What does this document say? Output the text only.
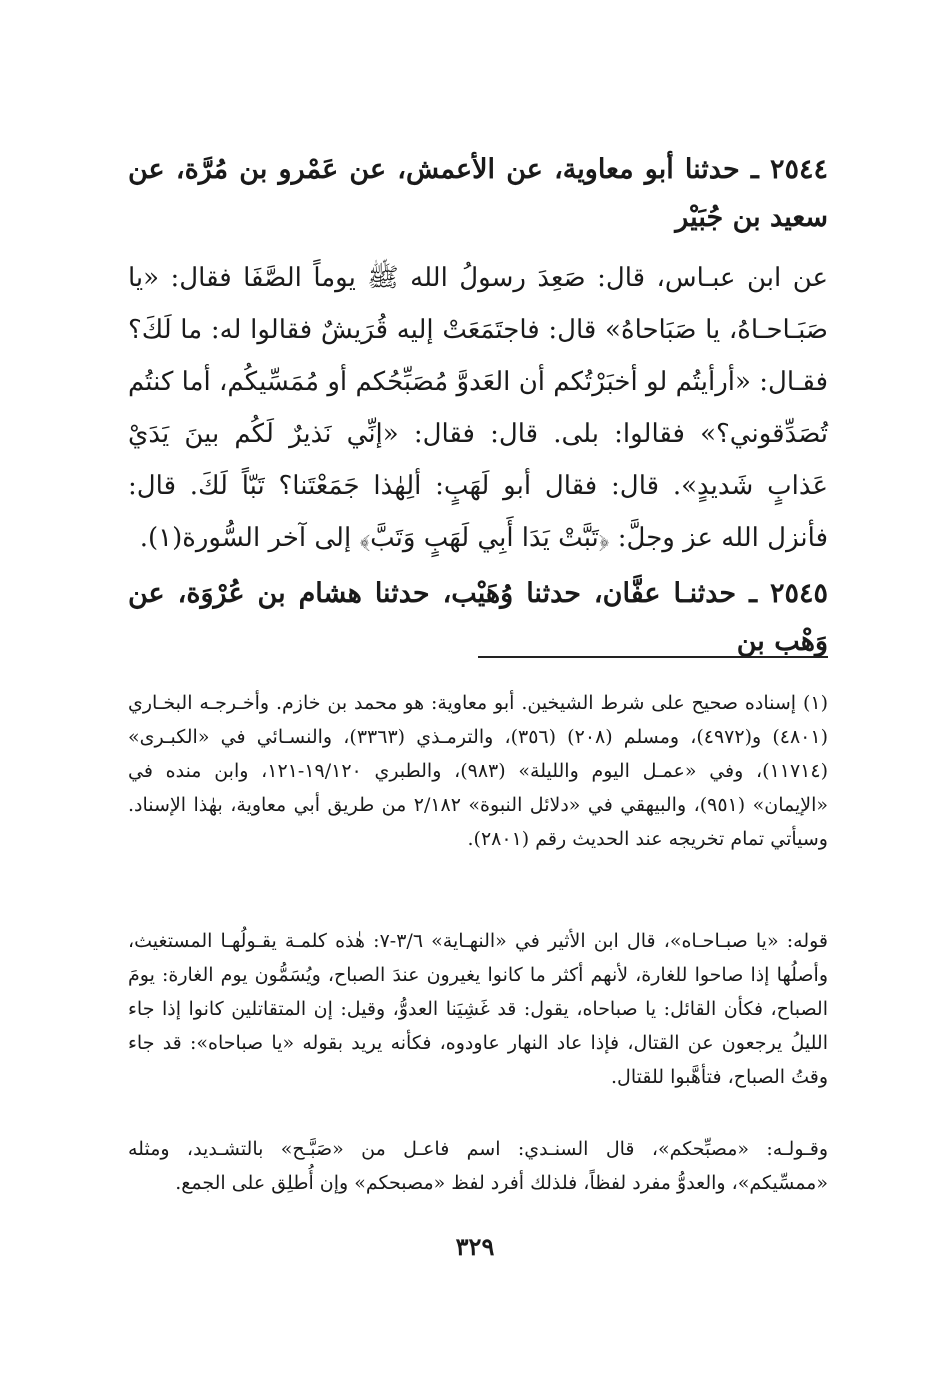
٢٥٤٤ ـ حدثنا أبو معاوية، عن الأعمش، عن عَمْرو بن مُرَّة، عن سعيد بن جُبَيْر

عن ابن عبـاس، قال: صَعِدَ رسولُ الله ﷺ يوماً الصَّفَا فقال: «يا صَبَـاحـاهُ، يا صَبَاحاهُ» قال: فاجتَمَعَتْ إليه قُرَيشٌ فقالوا له: ما لَكَ؟ فقـال: «أرأيتُم لو أخبَرْتُكم أن العَدوَّ مُصَبِّحُكم أو مُمَسِّيكُم، أما كنتُم تُصَدِّقوني؟» فقالوا: بلى. قال: فقال: «إنِّي نَذيرٌ لَكُم بينَ يَدَيْ عَذابٍ شَديدٍ». قال: فقال أبو لَهَبٍ: ألِهٰذا جَمَعْتَنا؟ تَبّاً لَكَ. قال: فأنزل الله عز وجلَّ: ﴿تَبَّتْ يَدَا أَبِي لَهَبٍ وَتَبَّ﴾ إلى آخر السُّورة(١).

٢٥٤٥ ـ حدثنـا عفَّان، حدثنا وُهَيْب، حدثنا هشام بن عُرْوَة، عن وَهْب بن

(١) إسناده صحيح على شرط الشيخين. أبو معاوية: هو محمد بن خازم. وأخـرجـه البخـاري (٤٨٠١) و(٤٩٧٢)، ومسلم (٢٠٨) (٣٥٦)، والترمـذي (٣٣٦٣)، والنسـائي في «الكبـرى» (١١٧١٤)، وفي «عمـل اليوم والليلة» (٩٨٣)، والطبري ١٩/١٢٠-١٢١، وابن منده في «الإيمان» (٩٥١)، والبيهقي في «دلائل النبوة» ٢/١٨٢ من طريق أبي معاوية، بهٰذا الإسناد. وسيأتي تمام تخريجه عند الحديث رقم (٢٨٠١).

قوله: «يا صبـاحـاه»، قال ابن الأثير في «النهـاية» ٣/٦-٧: هٰذه كلمـة يقـولُهـا المستغيث، وأصلُها إذا صاحوا للغارة، لأنهم أكثر ما كانوا يغيرون عندَ الصباح، ويُسَمُّون يوم الغارة: يومَ الصباح، فكأن القائل: يا صباحاه، يقول: قد غَشِيَنا العدوُّ، وقيل: إن المتقاتلين كانوا إذا جاء الليلُ يرجعون عن القتال، فإذا عاد النهار عاودوه، فكأنه يريد بقوله «يا صباحاه»: قد جاء وقتُ الصباح، فتأهَّبوا للقتال.

وقـولـه: «مصبِّحكم»، قال السنـدي: اسم فاعـل من «صَبَّـح» بالتشـديد، ومثله «ممسِّيكم»، والعدوُّ مفرد لفظاً، فلذلك أفرد لفظ «مصبحكم» وإن أُطلِق على الجمع.

٣٢٩
